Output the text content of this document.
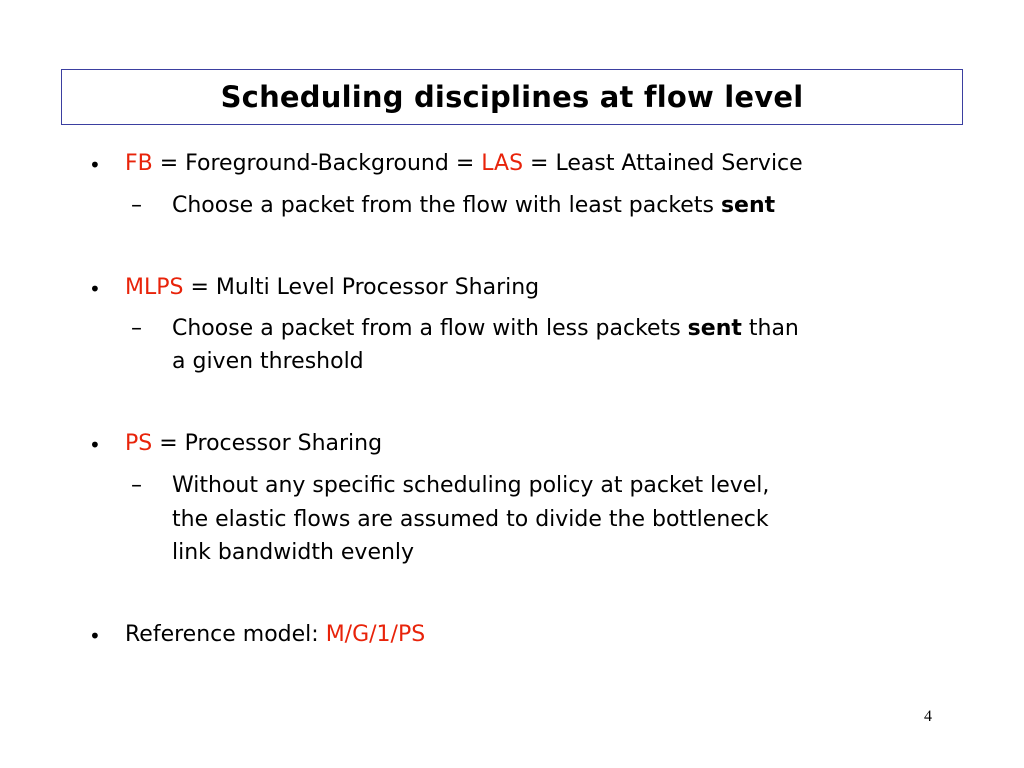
Scheduling disciplines at flow level
• FB = Foreground-Background = LAS = Least Attained Service
– Choose a packet from the flow with least packets sent
• MLPS = Multi Level Processor Sharing
– Choose a packet from a flow with less packets sent than
a given threshold
• PS = Processor Sharing
– Without any specific scheduling policy at packet level,
the elastic flows are assumed to divide the bottleneck
link bandwidth evenly
• Reference model: M/G/1/PS
4
